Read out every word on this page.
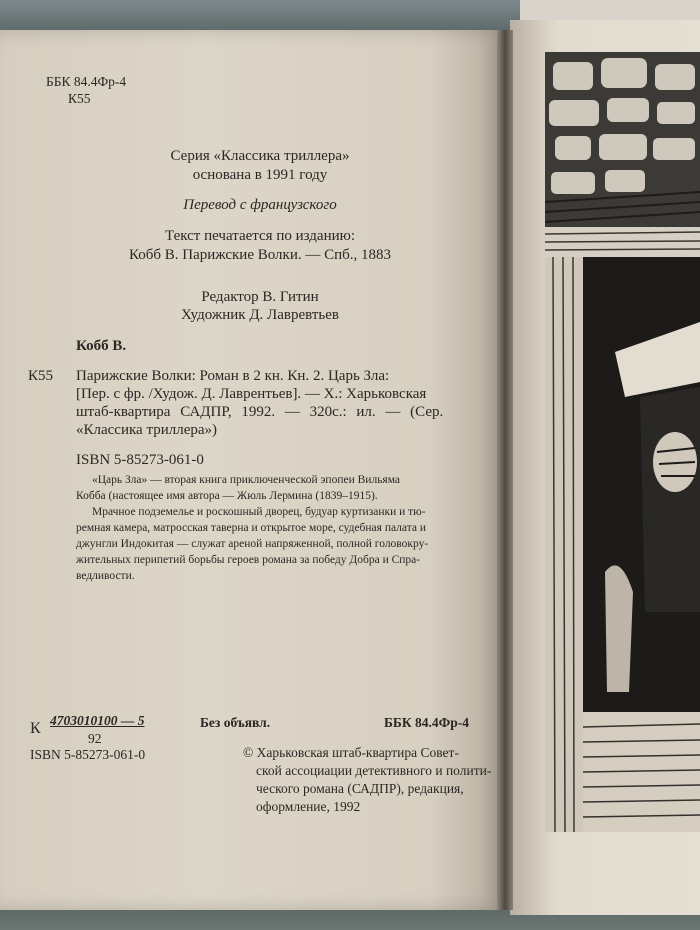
ББК 84.4Фр-4
К55
Серия «Классика триллера»
основана в 1991 году
Перевод с французского
Текст печатается по изданию:
Кобб В. Парижские Волки. — Спб., 1883
Редактор В. Гитин
Художник Д. Лавревтьев
Кобб В.
К55 Парижские Волки: Роман в 2 кн. Кн. 2. Царь Зла:
[Пер. с фр. /Худож. Д. Лаврентьев]. — Х.: Харьковская
штаб-квартира САДПР, 1992. — 320с.: ил. — (Сер.
«Классика триллера»)
ISBN 5-85273-061-0
«Царь Зла» — вторая книга приключенческой эпопеи Вильяма
Кобба (настоящее имя автора — Жюль Лермина (1839–1915).
Мрачное подземелье и роскошный дворец, будуар куртизанки и тю-
ремная камера, матросская таверна и открытое море, судебная палата и
джунгли Индокитая — служат ареной напряженной, полной головокру-
жительных перипетий борьбы героев романа за победу Добра и Спра-
ведливости.
К 4703010100 — 5
92
Без объявл.	ББК 84.4Фр-4
ISBN 5-85273-061-0	© Харьковская штаб-квартира Совет-
ской ассоциации детективного и полити-
ческого романа (САДПР), редакция,
оформление, 1992
